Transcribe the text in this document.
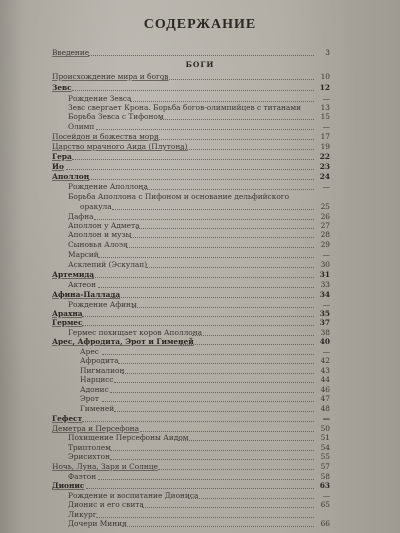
СОДЕРЖАНИЕ
Введение	3
БОГИ
Происхождение мира и богов	10
Зевс	12
Рождение Зевса	—
Зевс свергает Крона. Борьба богов-олимпийцев с титанами	13
Борьба Зевса с Тифоном	15
Олимп	—
Посейдон и божества моря	17
Царство мрачного Аида (Плутона)	19
Гера	22
Ио	23
Аполлон	24
Рождение Аполлона	—
Борьба Аполлона с Пифоном и основание дельфийского
оракула	25
Дафна	26
Аполлон у Адмета	27
Аполлон и музы	28
Сыновья Алоэя	29
Марсий	—
Асклепий (Эскулап)	30
Артемида	31
Актеон	33
Афина-Паллада	34
Рождение Афины	—
Арахна	35
Гермес	37
Гермес похищает коров Аполлона	38
Арес, Афродита, Эрот и Гименей	40
Арес	—
Афродита	42
Пигмалион	43
Нарцисс	44
Адонис	46
Эрот	47
Гименей	48
Гефест	—
Деметра и Персефона	50
Похищение Персефоны Аидом	51
Триптолем	54
Эрисихтон	55
Ночь, Луна, Заря и Солнце	57
Фаэтон	58
Дионис	63
Рождение и воспитание Диониса	—
Дионис и его свита	65
Ликург
Дочери Миния	66
